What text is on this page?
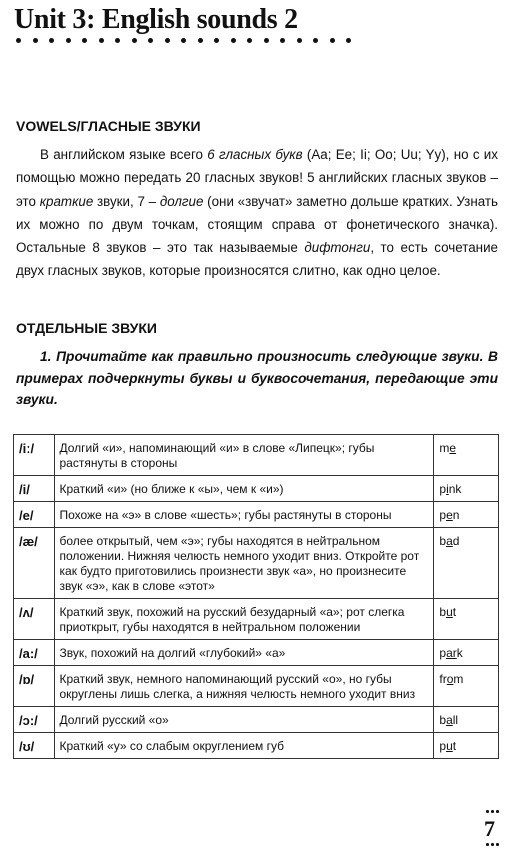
Unit 3: English sounds 2
VOWELS/ГЛАСНЫЕ ЗВУКИ

В английском языке всего 6 гласных букв (Aa; Ee; Ii; Oo; Uu; Yy), но с их помощью можно передать 20 гласных звуков! 5 английских гласных звуков – это краткие звуки, 7 – долгие (они «звучат» заметно дольше кратких. Узнать их можно по двум точкам, стоящим справа от фонетического значка). Остальные 8 звуков – это так называемые дифтонги, то есть сочетание двух гласных звуков, которые произносятся слитно, как одно целое.

ОТДЕЛЬНЫЕ ЗВУКИ
1. Прочитайте как правильно произносить следующие звуки. В примерах подчеркнуты буквы и буквосочетания, передающие эти звуки.
/iː/	Долгий «и», напоминающий «и» в слове «Липецк»; губы растянуты в стороны	me
/i/	Краткий «и» (но ближе к «ы», чем к «и»)	pink
/e/	Похоже на «э» в слове «шесть»; губы растянуты в стороны	pen
/æ/	более открытый, чем «э»; губы находятся в нейтральном положении. Нижняя челюсть немного уходит вниз. Откройте рот как будто приготовились произнести звук «а», но произнесите звук «э», как в слове «этот»	bad
/ʌ/	Краткий звук, похожий на русский безударный «а»; рот слегка приоткрыт, губы находятся в нейтральном положении	but
/a:/	Звук, похожий на долгий «глубокий» «а»	park
/ɒ/	Краткий звук, немного напоминающий русский «о», но губы округлены лишь слегка, а нижняя челюсть немного уходит вниз	from
/ɔ:/	Долгий русский «о»	ball
/ʊ/	Краткий «у» со слабым округлением губ	put
7
